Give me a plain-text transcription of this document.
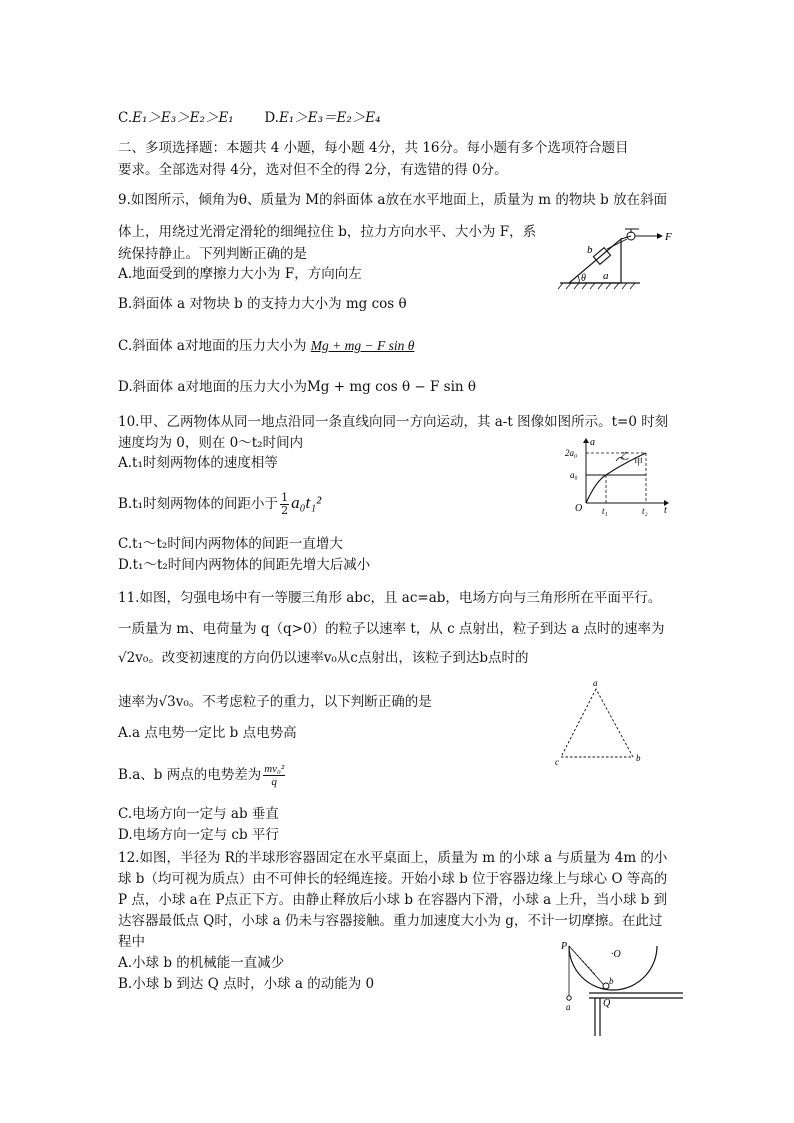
C.E₁＞E₃＞E₂＞E₁ D.E₁＞E₃＝E₂＞E₄
二、多项选择题：本题共 4 小题，每小题 4分，共 16分。每小题有多个选项符合题目
要求。全部选对得 4分，选对但不全的得 2分，有选错的得 0分。
9.如图所示，倾角为θ、质量为 M的斜面体 a放在水平地面上，质量为 m 的物块 b 放在斜面
体上，用绕过光滑定滑轮的细绳拉住 b，拉力方向水平、大小为 F，系
统保持静止。下列判断正确的是
A.地面受到的摩擦力大小为 F，方向向左
B.斜面体 a 对物块 b 的支持力大小为 mg cos θ
C.斜面体 a对地面的压力大小为 Mg + mg − F sin θ
D.斜面体 a对地面的压力大小为Mg + mg cos θ − F sin θ
b
a
θ
F
10.甲、乙两物体从同一地点沿同一条直线向同一方向运动，其 a-t 图像如图所示。t=0 时刻
速度均为 0，则在 0～t₂时间内
A.t₁时刻两物体的速度相等
B.t₁时刻两物体的间距小于 $\frac{1}{2} a_0t_1^2$
C.t₁～t₂时间内两物体的间距一直增大
D.t₁～t₂时间内两物体的间距先增大后减小
a
t
O
2a₀
a₀
t₁	t₂
甲
乙
11.如图，匀强电场中有一等腰三角形 abc，且 ac=ab，电场方向与三角形所在平面平行。
一质量为 m、电荷量为 q（q>0）的粒子以速率 t，从 c 点射出，粒子到达 a 点时的速率为
√2v₀。改变初速度的方向仍以速率v₀从c点射出，该粒子到达b点时的
速率为√3v₀。不考虑粒子的重力，以下判断正确的是
A.a 点电势一定比 b 点电势高
B.a、b 两点的电势差为 $\frac{\text{mv₀²}}{q}$
C.电场方向一定与 ab 垂直
D.电场方向一定与 cb 平行
a
c	b
12.如图，半径为 R的半球形容器固定在水平桌面上，质量为 m 的小球 a 与质量为 4m 的小
球 b（均可视为质点）由不可伸长的轻绳连接。开始小球 b 位于容器边缘上与球心 O 等高的
P 点，小球 a在 P点正下方。由静止释放后小球 b 在容器内下滑，小球 a 上升，当小球 b 到
达容器最低点 Q时，小球 a 仍未与容器接触。重力加速度大小为 g，不计一切摩擦。在此过
程中
A.小球 b 的机械能一直减少
B.小球 b 到达 Q 点时，小球 a 的动能为 0
P
·O
b
a	Q
